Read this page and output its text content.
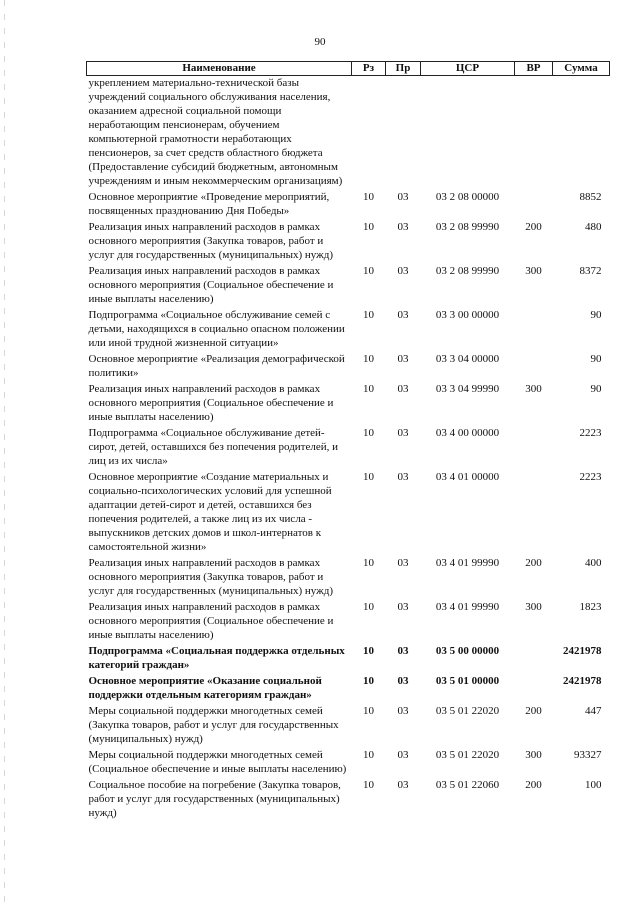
90
Наименование	Рз	Пр	ЦСР	ВР	Сумма
укреплением материально-технической базы учреждений социального обслуживания населения, оказанием адресной социальной помощи неработающим пенсионерам, обучением компьютерной грамотности неработающих пенсионеров, за счет средств областного бюджета (Предоставление субсидий бюджетным, автономным учреждениям и иным некоммерческим организациям)					
Основное мероприятие «Проведение мероприятий, посвященных празднованию Дня Победы»	10	03	03 2 08 00000		8852
Реализация иных направлений расходов в рамках основного мероприятия (Закупка товаров, работ и услуг для государственных (муниципальных) нужд)	10	03	03 2 08 99990	200	480
Реализация иных направлений расходов в рамках основного мероприятия (Социальное обеспечение и иные выплаты населению)	10	03	03 2 08 99990	300	8372
Подпрограмма «Социальное обслуживание семей с детьми, находящихся в социально опасном положении или иной трудной жизненной ситуации»	10	03	03 3 00 00000		90
Основное мероприятие «Реализация демографической политики»	10	03	03 3 04 00000		90
Реализация иных направлений расходов в рамках основного мероприятия (Социальное обеспечение и иные выплаты населению)	10	03	03 3 04 99990	300	90
Подпрограмма «Социальное обслуживание детей-сирот, детей, оставшихся без попечения родителей, и лиц из их числа»	10	03	03 4 00 00000		2223
Основное мероприятие «Создание материальных и социально-психологических условий для успешной адаптации детей-сирот и детей, оставшихся без попечения родителей, а также лиц из их числа - выпускников детских домов и школ-интернатов к самостоятельной жизни»	10	03	03 4 01 00000		2223
Реализация иных направлений расходов в рамках основного мероприятия (Закупка товаров, работ и услуг для государственных (муниципальных) нужд)	10	03	03 4 01 99990	200	400
Реализация иных направлений расходов в рамках основного мероприятия (Социальное обеспечение и иные выплаты населению)	10	03	03 4 01 99990	300	1823
Подпрограмма «Социальная поддержка отдельных категорий граждан»	10	03	03 5 00 00000		2421978
Основное мероприятие «Оказание социальной поддержки отдельным категориям граждан»	10	03	03 5 01 00000		2421978
Меры социальной поддержки многодетных семей (Закупка товаров, работ и услуг для государственных (муниципальных) нужд)	10	03	03 5 01 22020	200	447
Меры социальной поддержки многодетных семей (Социальное обеспечение и иные выплаты населению)	10	03	03 5 01 22020	300	93327
Социальное пособие на погребение (Закупка товаров, работ и услуг для государственных (муниципальных) нужд)	10	03	03 5 01 22060	200	100
